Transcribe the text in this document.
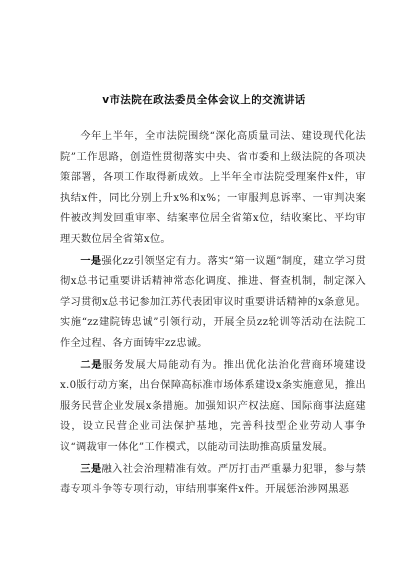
v市法院在政法委员全体会议上的交流讲话

今年上半年，全市法院围绕“深化高质量司法、建设现代化法院”工作思路，创造性贯彻落实中央、省市委和上级法院的各项决策部署，各项工作取得新成效。上半年全市法院受理案件x件，审执结x件，同比分别上升x%和x%；一审服判息诉率、一审判决案件被改判发回重审率、结案率位居全省第x位，结收案比、平均审理天数位居全省第x位。

一是强化zz引领坚定有力。落实“第一议题”制度，建立学习贯彻x总书记重要讲话精神常态化调度、推进、督查机制，制定深入学习贯彻x总书记参加江苏代表团审议时重要讲话精神的x条意见。实施“zz建院铸忠诚”引领行动，开展全员zz轮训等活动在法院工作全过程、各方面铸牢zz忠诚。

二是服务发展大局能动有为。推出优化法治化营商环境建设x.0版行动方案，出台保障高标准市场体系建设x条实施意见，推出服务民营企业发展x条措施。加强知识产权法庭、国际商事法庭建设，设立民营企业司法保护基地，完善科技型企业劳动人事争议“调裁审一体化”工作模式，以能动司法助推高质量发展。

三是融入社会治理精准有效。严厉打击严重暴力犯罪，参与禁毒专项斗争等专项行动，审结刑事案件x件。开展惩治涉网黑恶
